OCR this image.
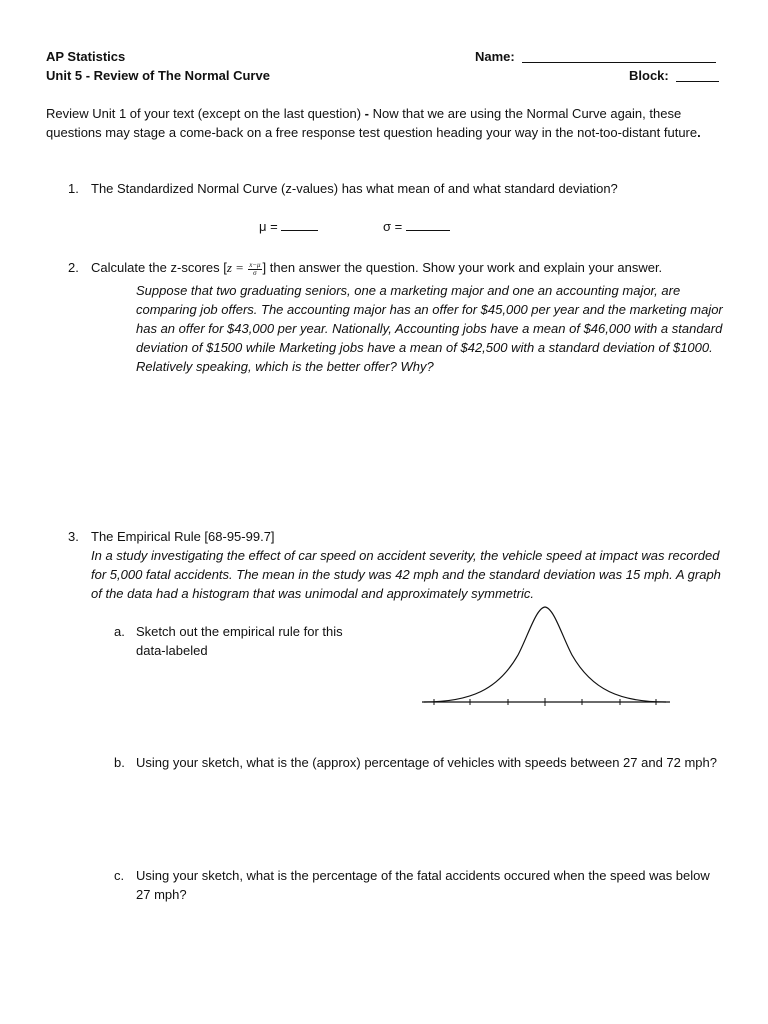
AP Statistics
Unit 5 - Review of The Normal Curve
Name:
Block:

Review Unit 1 of your text (except on the last question) - Now that we are using the Normal Curve again, these questions may stage a come-back on a free response test question heading your way in the not-too-distant future.

1. The Standardized Normal Curve (z-values) has what mean of and what standard deviation?
μ =	σ =
2. Calculate the z-scores [$z = \frac{x-\mu}{\sigma}$ ] then answer the question. Show your work and explain your answer.

Suppose that two graduating seniors, one a marketing major and one an accounting major, are comparing job offers. The accounting major has an offer for $45,000 per year and the marketing major has an offer for $43,000 per year. Nationally, Accounting jobs have a mean of $46,000 with a standard deviation of $1500 while Marketing jobs have a mean of $42,500 with a standard deviation of $1000. Relatively speaking, which is the better offer? Why?

3. The Empirical Rule [68-95-99.7]

In a study investigating the effect of car speed on accident severity, the vehicle speed at impact was recorded for 5,000 fatal accidents. The mean in the study was 42 mph and the standard deviation was 15 mph. A graph of the data had a histogram that was unimodal and approximately symmetric.

a. Sketch out the empirical rule for this data-labeled

b. Using your sketch, what is the (approx) percentage of vehicles with speeds between 27 and 72 mph?

c. Using your sketch, what is the percentage of the fatal accidents occured when the speed was below 27 mph?
